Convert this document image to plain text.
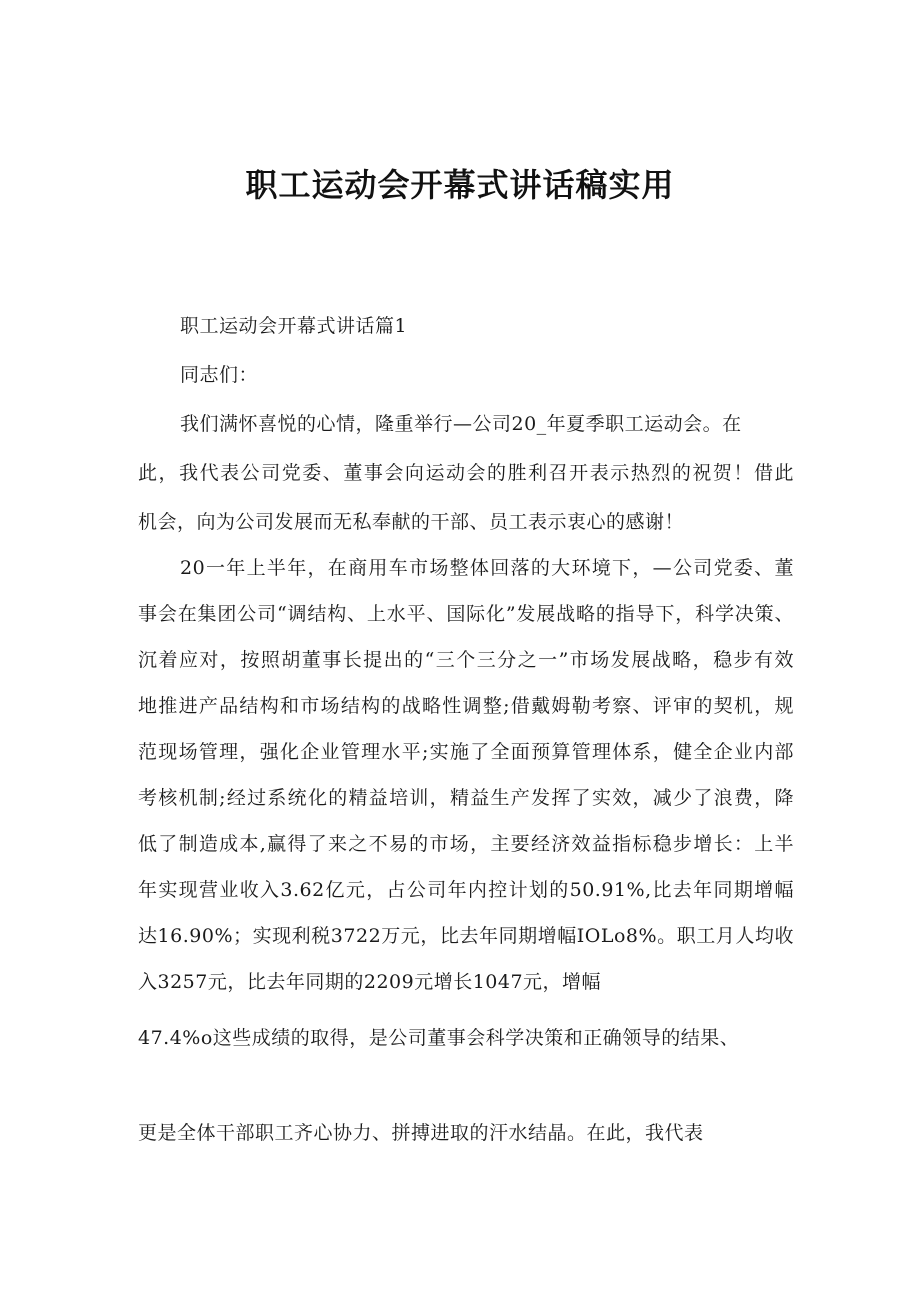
职工运动会开幕式讲话稿实用
职工运动会开幕式讲话篇1
同志们：
我们满怀喜悦的心情，隆重举行—公司20_年夏季职工运动会。在
此，我代表公司党委、董事会向运动会的胜利召开表示热烈的祝贺！借此
机会，向为公司发展而无私奉献的干部、员工表示衷心的感谢！
20一年上半年，在商用车市场整体回落的大环境下，—公司党委、董
事会在集团公司“调结构、上水平、国际化”发展战略的指导下，科学决策、
沉着应对，按照胡董事长提出的“三个三分之一”市场发展战略，稳步有效
地推进产品结构和市场结构的战略性调整;借戴姆勒考察、评审的契机，规
范现场管理，强化企业管理水平;实施了全面预算管理体系，健全企业内部
考核机制;经过系统化的精益培训，精益生产发挥了实效，减少了浪费，降
低了制造成本,赢得了来之不易的市场，主要经济效益指标稳步增长：上半
年实现营业收入3.62亿元，占公司年内控计划的50.91%,比去年同期增幅
达16.90%；实现利税3722万元，比去年同期增幅IOLo8%。职工月人均收
入3257元，比去年同期的2209元增长1047元，增幅
47.4%o这些成绩的取得，是公司董事会科学决策和正确领导的结果、
更是全体干部职工齐心协力、拼搏进取的汗水结晶。在此，我代表
